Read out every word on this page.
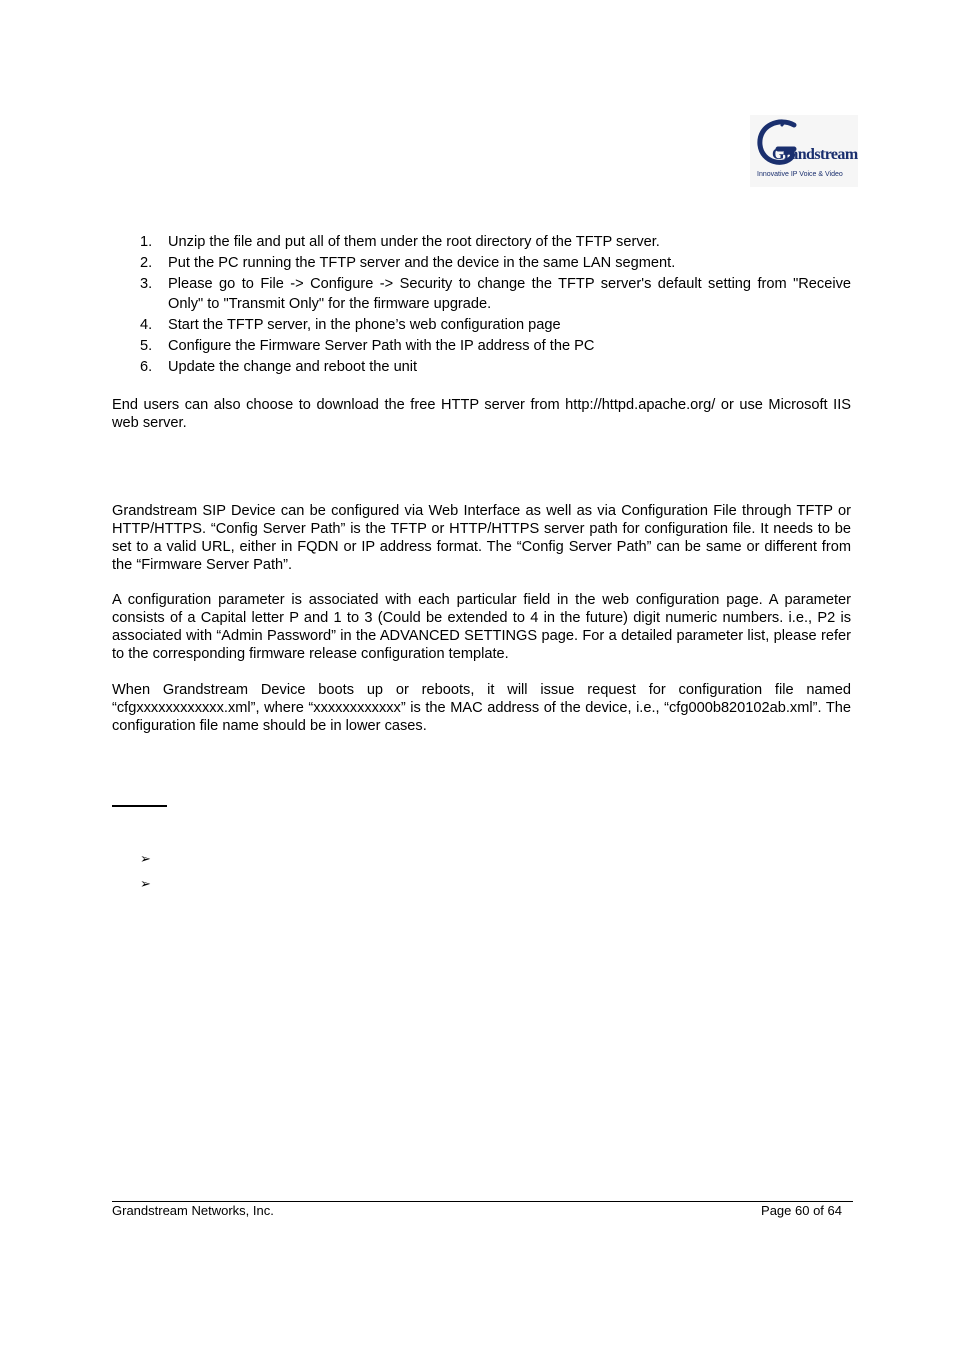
Grandstream
Innovative IP Voice & Video
1. Unzip the file and put all of them under the root directory of the TFTP server.
2. Put the PC running the TFTP server and the device in the same LAN segment.
3. Please go to File -> Configure -> Security to change the TFTP server's default setting from "Receive Only" to "Transmit Only" for the firmware upgrade.
4. Start the TFTP server, in the phone’s web configuration page
5. Configure the Firmware Server Path with the IP address of the PC
6. Update the change and reboot the unit

End users can also choose to download the free HTTP server from http://httpd.apache.org/ or use Microsoft IIS web server.

Grandstream SIP Device can be configured via Web Interface as well as via Configuration File through TFTP or HTTP/HTTPS. “Config Server Path” is the TFTP or HTTP/HTTPS server path for configuration file. It needs to be set to a valid URL, either in FQDN or IP address format. The “Config Server Path” can be same or different from the “Firmware Server Path”.

A configuration parameter is associated with each particular field in the web configuration page. A parameter consists of a Capital letter P and 1 to 3 (Could be extended to 4 in the future) digit numeric numbers. i.e., P2 is associated with “Admin Password” in the ADVANCED SETTINGS page. For a detailed parameter list, please refer to the corresponding firmware release configuration template.

When Grandstream Device boots up or reboots, it will issue request for configuration file named “cfgxxxxxxxxxxxx.xml”, where “xxxxxxxxxxxx” is the MAC address of the device, i.e., “cfg000b820102ab.xml”. The configuration file name should be in lower cases.

➢
➢
Grandstream Networks, Inc.	Page 60 of 64
